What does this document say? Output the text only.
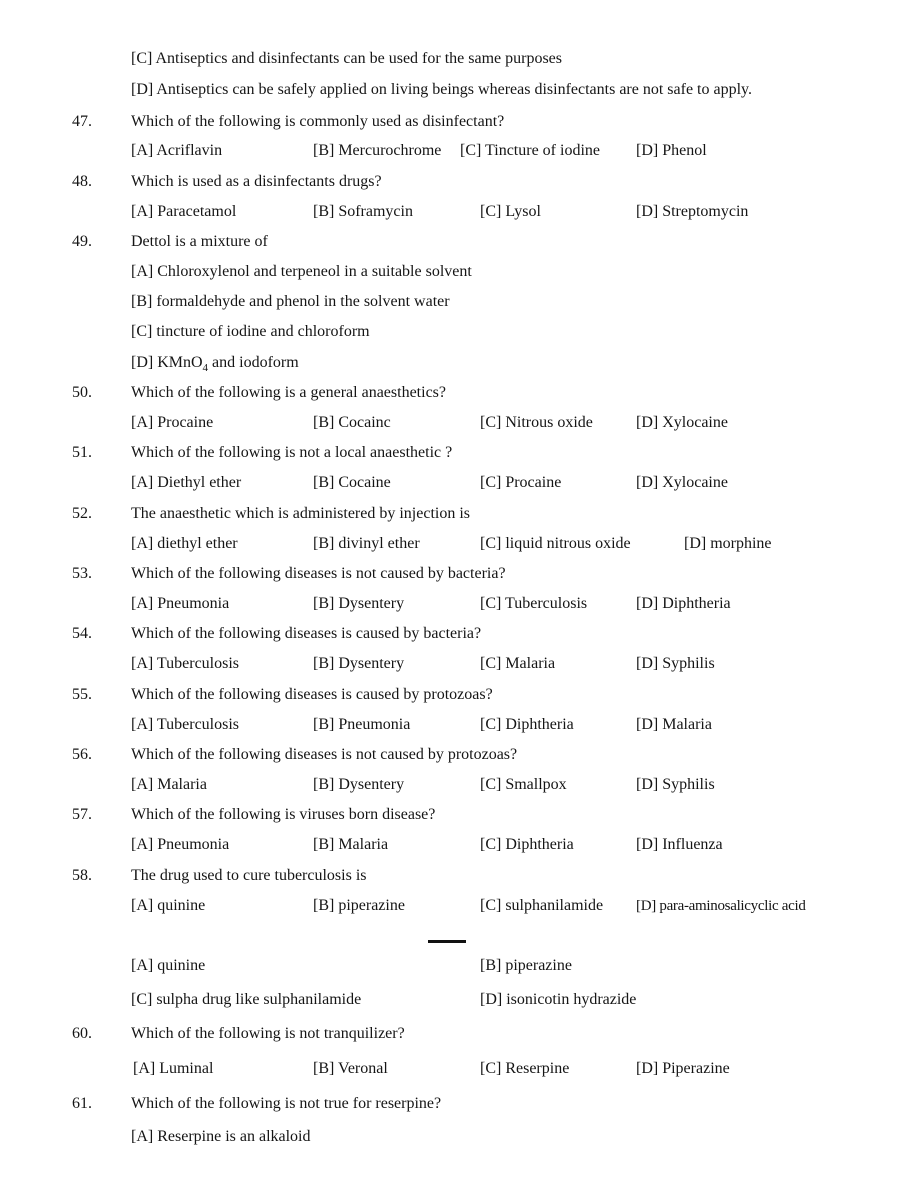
[C] Antiseptics and disinfectants can be used for the same purposes
[D] Antiseptics can be safely applied on living beings whereas disinfectants are not safe to apply.
47.	Which of the following is commonly used as disinfectant?
[A] Acriflavin	[B] Mercurochrome [C] Tincture of iodine [D] Phenol
48.	Which is used as a disinfectants drugs?
[A] Paracetamol	[B] Soframycin	[C] Lysol	[D] Streptomycin
49.	Dettol is a mixture of
[A] Chloroxylenol and terpeneol in a suitable solvent
[B] formaldehyde and phenol in the solvent water
[C] tincture of iodine and chloroform
[D] KMnO$_4$ and iodoform
50.	Which of the following is a general anaesthetics?
[A] Procaine	[B] Cocainc	[C] Nitrous oxide	[D] Xylocaine
51.	Which of the following is not a local anaesthetic ?
[A] Diethyl ether	[B] Cocaine	[C] Procaine	[D] Xylocaine
52.	The anaesthetic which is administered by injection is
[A] diethyl ether	[B] divinyl ether	[C] liquid nitrous oxide	[D] morphine
53.	Which of the following diseases is not caused by bacteria?
[A] Pneumonia	[B] Dysentery	[C] Tuberculosis	[D] Diphtheria
54.	Which of the following diseases is caused by bacteria?
[A] Tuberculosis	[B] Dysentery	[C] Malaria	[D] Syphilis
55.	Which of the following diseases is caused by protozoas?
[A] Tuberculosis	[B] Pneumonia	[C] Diphtheria	[D] Malaria
56.	Which of the following diseases is not caused by protozoas?
[A] Malaria	[B] Dysentery	[C] Smallpox	[D] Syphilis
57.	Which of the following is viruses born disease?
[A] Pneumonia	[B] Malaria	[C] Diphtheria	[D] Influenza
58.	The drug used to cure tuberculosis is
[A] quinine	[B] piperazine	[C] sulphanilamide [D] para-aminosalicyclic acid
[A] quinine	[B] piperazine
[C] sulpha drug like sulphanilamide	[D] isonicotin hydrazide
60.	Which of the following is not tranquilizer?
[A] Luminal	[B] Veronal	[C] Reserpine	[D] Piperazine
61.	Which of the following is not true for reserpine?
[A] Reserpine is an alkaloid
